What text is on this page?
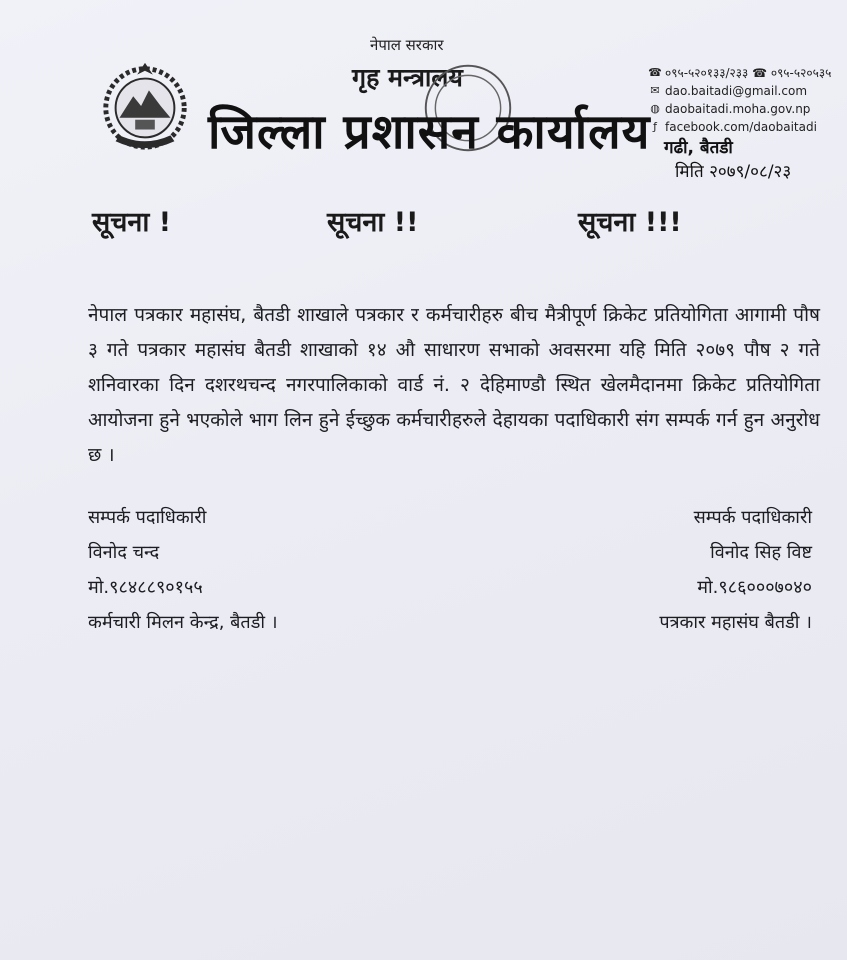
नेपाल सरकार
गृह मन्त्रालय
जिल्ला प्रशासन कार्यालय
☎ ०९५-५२०१३३/२३३ ☎ ०९५-५२०५३५
✉ dao.baitadi@gmail.com
◍ daobaitadi.moha.gov.np
ƒ facebook.com/daobaitadi
गढी, बैतडी
मिति २०७९/०८/२३
सूचना !	सूचना !!	सूचना !!!
नेपाल पत्रकार महासंघ, बैतडी शाखाले पत्रकार र कर्मचारीहरु बीच मैत्रीपूर्ण क्रिकेट प्रतियोगिता आगामी पौष ३ गते पत्रकार महासंघ बैतडी शाखाको १४ औ साधारण सभाको अवसरमा यहि मिति २०७९ पौष २ गते शनिवारका दिन दशरथचन्द नगरपालिकाको वार्ड नं. २ देहिमाण्डौ स्थित खेलमैदानमा क्रिकेट प्रतियोगिता आयोजना हुने भएकोले भाग लिन हुने ईच्छुक कर्मचारीहरुले देहायका पदाधिकारी संग सम्पर्क गर्न हुन अनुरोध छ ।
सम्पर्क पदाधिकारी
विनोद चन्द
मो.९८४८८९०१५५
कर्मचारी मिलन केन्द्र, बैतडी ।
सम्पर्क पदाधिकारी
विनोद सिह विष्ट
मो.९८६०००७०४०
पत्रकार महासंघ बैतडी ।
